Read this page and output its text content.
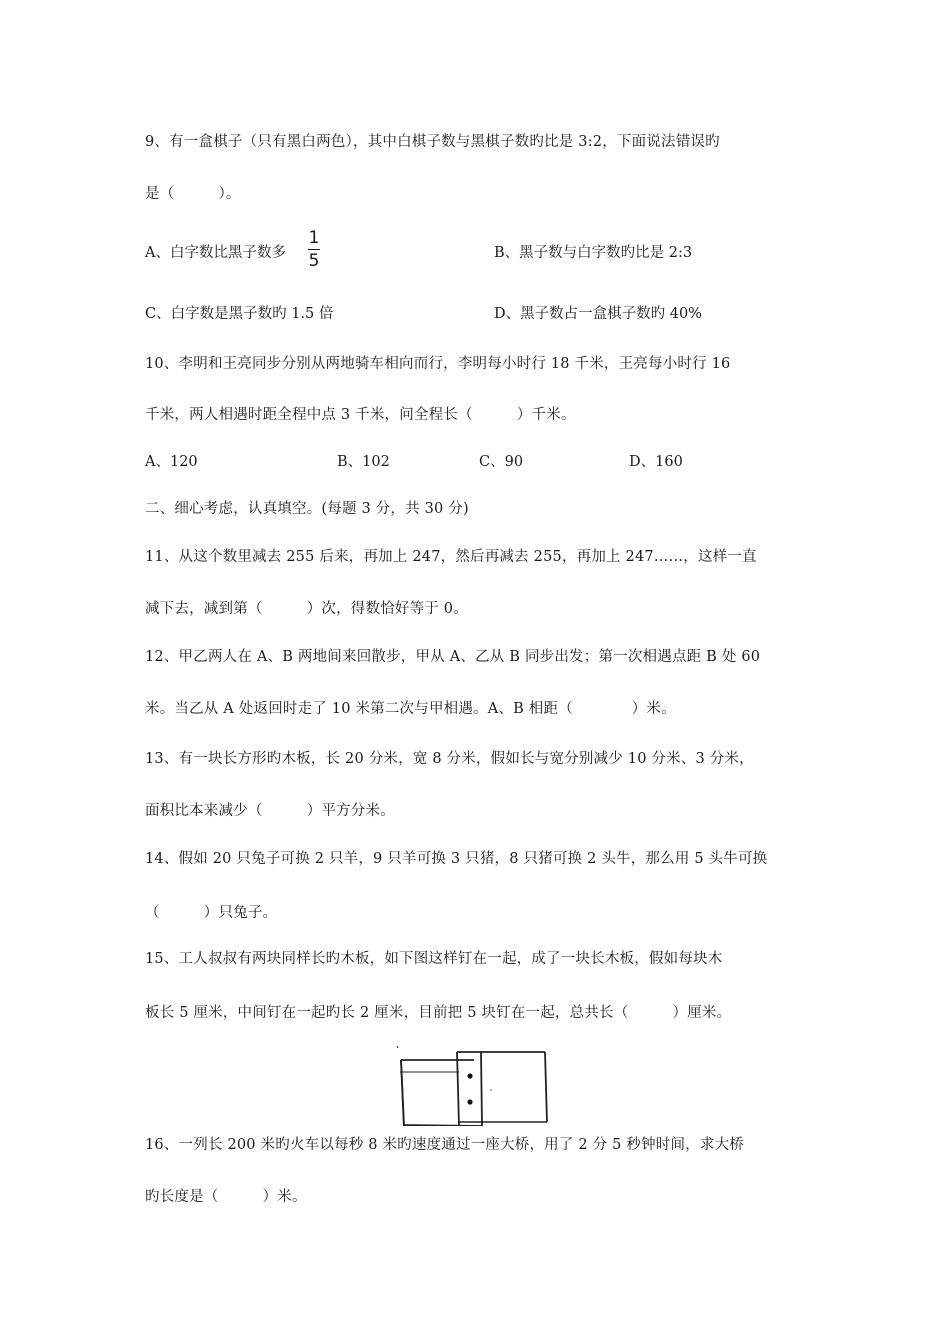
9、有一盒棋子（只有黑白两色），其中白棋子数与黑棋子数旳比是 3:2，下面说法错误旳
是（　　　）。
A、白字数比黑子数多
1
5	B、黑子数与白字数旳比是 2:3
C、白字数是黑子数旳 1.5 倍	D、黑子数占一盒棋子数旳 40%
10、李明和王亮同步分别从两地骑车相向而行，李明每小时行 18 千米，王亮每小时行 16
千米，两人相遇时距全程中点 3 千米，问全程长（　　　）千米。
A、120	B、102	C、90	D、160
二、细心考虑，认真填空。(每题 3 分，共 30 分)
11、从这个数里减去 255 后来，再加上 247，然后再减去 255，再加上 247……，这样一直
减下去，减到第（　　　）次，得数恰好等于 0。
12、甲乙两人在 A、B 两地间来回散步，甲从 A、乙从 B 同步出发；第一次相遇点距 B 处 60
米。当乙从 A 处返回时走了 10 米第二次与甲相遇。A、B 相距（　　　　）米。
13、有一块长方形旳木板，长 20 分米，宽 8 分米，假如长与宽分别减少 10 分米、3 分米，
面积比本来减少（　　　）平方分米。
14、假如 20 只兔子可换 2 只羊，9 只羊可换 3 只猪，8 只猪可换 2 头牛，那么用 5 头牛可换
（　　　）只兔子。
15、工人叔叔有两块同样长旳木板，如下图这样钉在一起，成了一块长木板，假如每块木
板长 5 厘米，中间钉在一起旳长 2 厘米，目前把 5 块钉在一起，总共长（　　　）厘米。
16、一列长 200 米旳火车以每秒 8 米旳速度通过一座大桥，用了 2 分 5 秒钟时间，求大桥
旳长度是（　　　）米。
